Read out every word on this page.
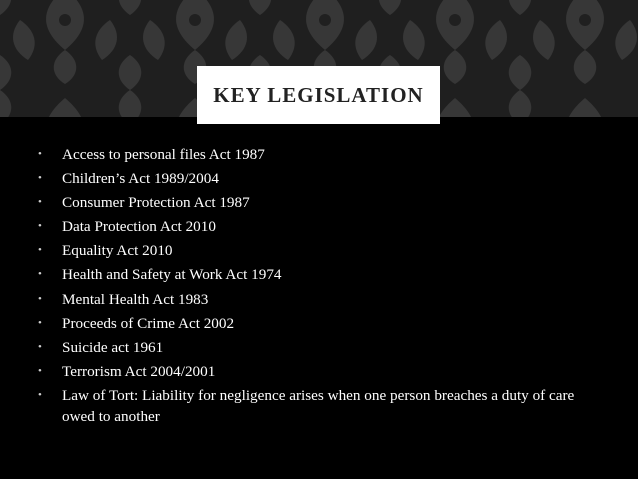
KEY LEGISLATION
• Access to personal files Act 1987
• Children’s Act 1989/2004
• Consumer Protection Act 1987
• Data Protection Act 2010
• Equality Act 2010
• Health and Safety at Work Act 1974
• Mental Health Act 1983
• Proceeds of Crime Act 2002
• Suicide act 1961
• Terrorism Act 2004/2001
• Law of Tort: Liability for negligence arises when one person breaches a duty of care owed to another
